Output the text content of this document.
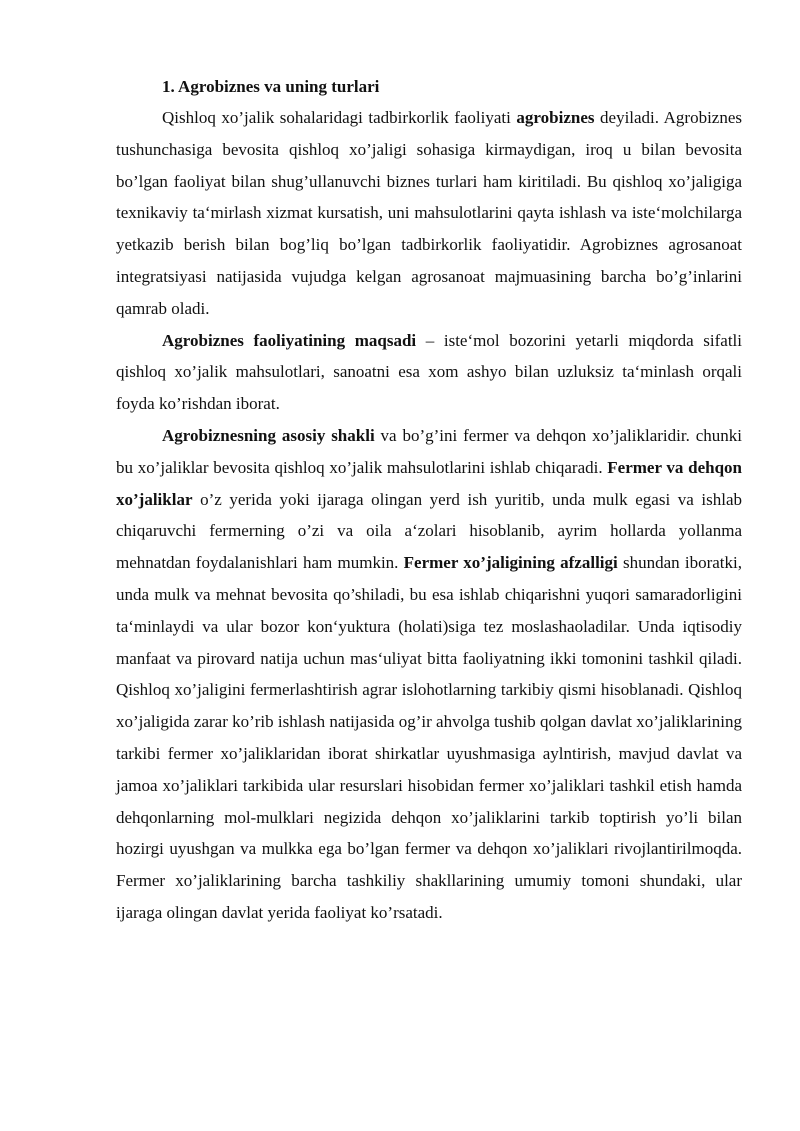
1. Agrobiznes va uning turlari

Qishloq xo’jalik sohalaridagi tadbirkorlik faoliyati agrobiznes deyiladi. Agrobiznes tushunchasiga bevosita qishloq xo’jaligi sohasiga kirmaydigan, iroq u bilan bevosita bo’lgan faoliyat bilan shug’ullanuvchi biznes turlari ham kiritiladi. Bu qishloq xo’jaligiga texnikaviy ta‘mirlash xizmat kursatish, uni mahsulotlarini qayta ishlash va iste‘molchilarga yetkazib berish bilan bog’liq bo’lgan tadbirkorlik faoliyatidir. Agrobiznes agrosanoat integratsiyasi natijasida vujudga kelgan agrosanoat majmuasining barcha bo’g’inlarini qamrab oladi.

Agrobiznes faoliyatining maqsadi – iste‘mol bozorini yetarli miqdorda sifatli qishloq xo’jalik mahsulotlari, sanoatni esa xom ashyo bilan uzluksiz ta‘minlash orqali foyda ko’rishdan iborat.

Agrobiznesning asosiy shakli va bo’g’ini fermer va dehqon xo’jaliklaridir. chunki bu xo’jaliklar bevosita qishloq xo’jalik mahsulotlarini ishlab chiqaradi. Fermer va dehqon xo’jaliklar o’z yerida yoki ijaraga olingan yerd ish yuritib, unda mulk egasi va ishlab chiqaruvchi fermerning o’zi va oila a‘zolari hisoblanib, ayrim hollarda yollanma mehnatdan foydalanishlari ham mumkin. Fermer xo’jaligining afzalligi shundan iboratki, unda mulk va mehnat bevosita qo’shiladi, bu esa ishlab chiqarishni yuqori samaradorligini ta‘minlaydi va ular bozor kon‘yuktura (holati)siga tez moslashaoladilar. Unda iqtisodiy manfaat va pirovard natija uchun mas‘uliyat bitta faoliyatning ikki tomonini tashkil qiladi. Qishloq xo’jaligini fermerlashtirish agrar islohotlarning tarkibiy qismi hisoblanadi. Qishloq xo’jaligida zarar ko’rib ishlash natijasida og’ir ahvolga tushib qolgan davlat xo’jaliklarining tarkibi fermer xo’jaliklaridan iborat shirkatlar uyushmasiga aylntirish, mavjud davlat va jamoa xo’jaliklari tarkibida ular resurslari hisobidan fermer xo’jaliklari tashkil etish hamda dehqonlarning mol-mulklari negizida dehqon xo’jaliklarini tarkib toptirish yo’li bilan hozirgi uyushgan va mulkka ega bo’lgan fermer va dehqon xo’jaliklari rivojlantirilmoqda. Fermer xo’jaliklarining barcha tashkiliy shakllarining umumiy tomoni shundaki, ular ijaraga olingan davlat yerida faoliyat ko’rsatadi.
